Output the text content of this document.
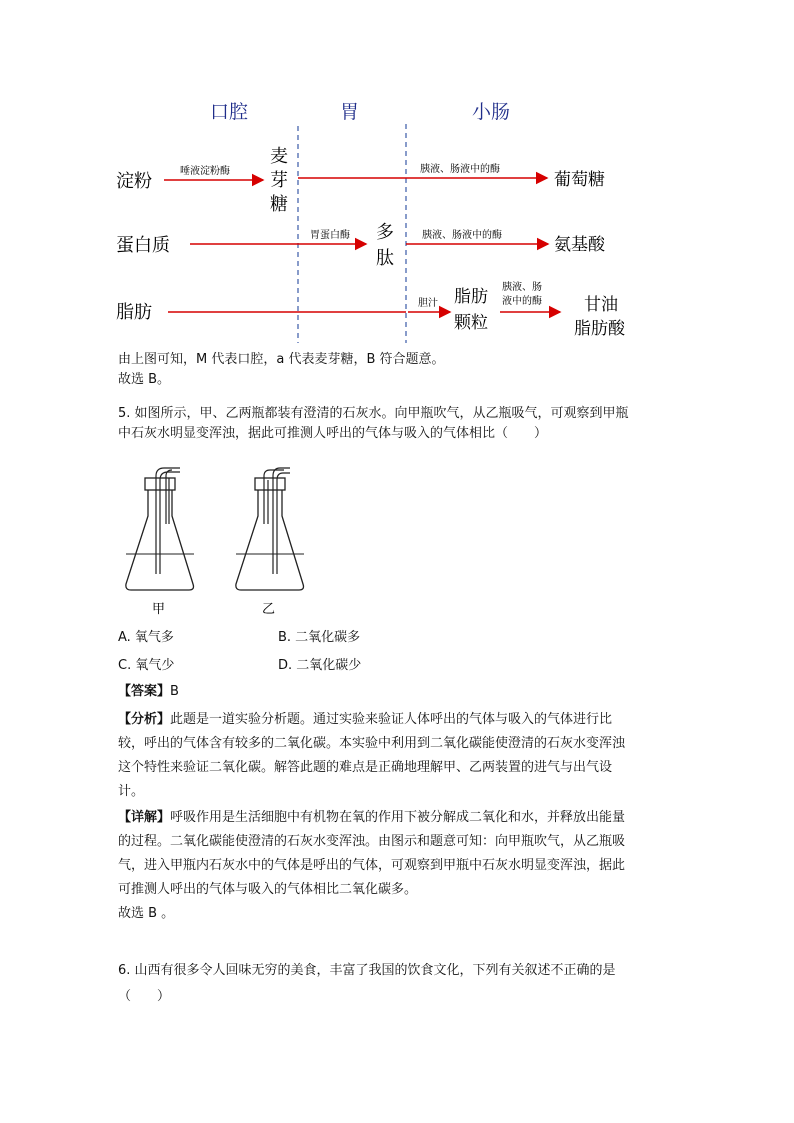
口腔	胃	小肠
淀粉	唾液淀粉酶
麦
芽
糖
胰液、肠液中的酶
葡萄糖
蛋白质	胃蛋白酶 多
肽
胰液、肠液中的酶	氨基酸
脂肪	胆汁 脂肪
颗粒
胰液、肠
液中的酶 甘油
脂肪酸
由上图可知，M 代表口腔，a 代表麦芽糖，B 符合题意。
故选 B。
5. 如图所示，甲、乙两瓶都装有澄清的石灰水。向甲瓶吹气，从乙瓶吸气，可观察到甲瓶
中石灰水明显变浑浊，据此可推测人呼出的气体与吸入的气体相比（　　）
甲	乙
A. 氧气多	B. 二氧化碳多
C. 氧气少	D. 二氧化碳少
【答案】B
【分析】此题是一道实验分析题。通过实验来验证人体呼出的气体与吸入的气体进行比
较，呼出的气体含有较多的二氧化碳。本实验中利用到二氧化碳能使澄清的石灰水变浑浊
这个特性来验证二氧化碳。解答此题的难点是正确地理解甲、乙两装置的进气与出气设
计。
【详解】呼吸作用是生活细胞中有机物在氧的作用下被分解成二氧化和水，并释放出能量
的过程。二氧化碳能使澄清的石灰水变浑浊。由图示和题意可知：向甲瓶吹气，从乙瓶吸
气，进入甲瓶内石灰水中的气体是呼出的气体，可观察到甲瓶中石灰水明显变浑浊，据此
可推测人呼出的气体与吸入的气体相比二氧化碳多。
故选 B 。
6. 山西有很多令人回味无穷的美食，丰富了我国的饮食文化，下列有关叙述不正确的是
（　　）
